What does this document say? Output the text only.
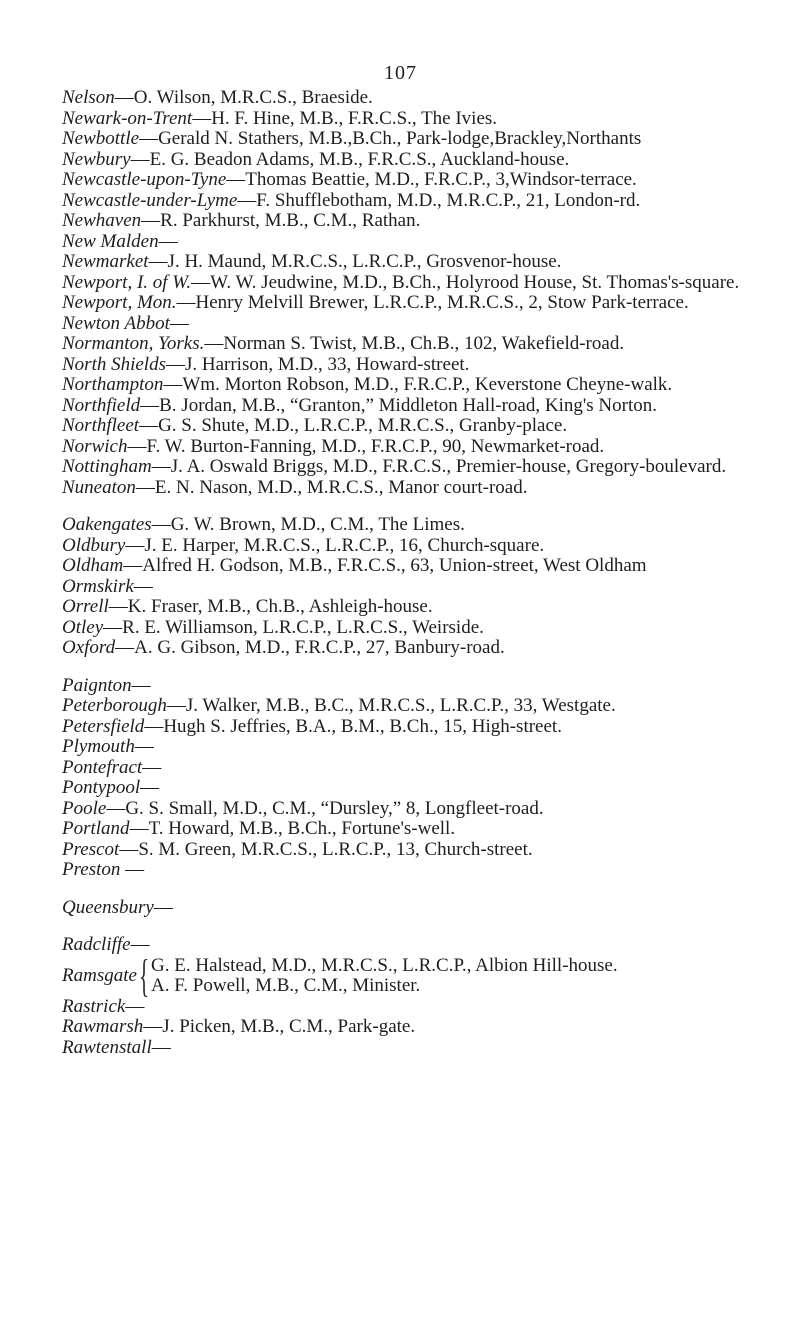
107
Nelson—O. Wilson, M.R.C.S., Braeside.
Newark-on-Trent—H. F. Hine, M.B., F.R.C.S., The Ivies.
Newbottle—Gerald N. Stathers, M.B.,B.Ch., Park-lodge,Brackley,Northants
Newbury—E. G. Beadon Adams, M.B., F.R.C.S., Auckland-house.
Newcastle-upon-Tyne—Thomas Beattie, M.D., F.R.C.P., 3,Windsor-terrace.
Newcastle-under-Lyme—F. Shufflebotham, M.D., M.R.C.P., 21, London-rd.
Newhaven—R. Parkhurst, M.B., C.M., Rathan.
New Malden—
Newmarket—J. H. Maund, M.R.C.S., L.R.C.P., Grosvenor-house.
Newport, I. of W.—W. W. Jeudwine, M.D., B.Ch., Holyrood House, St. Thomas's-square.
Newport, Mon.—Henry Melvill Brewer, L.R.C.P., M.R.C.S., 2, Stow Park-terrace.
Newton Abbot—
Normanton, Yorks.—Norman S. Twist, M.B., Ch.B., 102, Wakefield-road.
North Shields—J. Harrison, M.D., 33, Howard-street.
Northampton—Wm. Morton Robson, M.D., F.R.C.P., Keverstone Cheyne-walk.
Northfield—B. Jordan, M.B., “Granton,” Middleton Hall-road, King's Norton.
Northfleet—G. S. Shute, M.D., L.R.C.P., M.R.C.S., Granby-place.
Norwich—F. W. Burton-Fanning, M.D., F.R.C.P., 90, Newmarket-road.
Nottingham—J. A. Oswald Briggs, M.D., F.R.C.S., Premier-house, Gregory-boulevard.
Nuneaton—E. N. Nason, M.D., M.R.C.S., Manor court-road.
Oakengates—G. W. Brown, M.D., C.M., The Limes.
Oldbury—J. E. Harper, M.R.C.S., L.R.C.P., 16, Church-square.
Oldham—Alfred H. Godson, M.B., F.R.C.S., 63, Union-street, West Oldham
Ormskirk—
Orrell—K. Fraser, M.B., Ch.B., Ashleigh-house.
Otley—R. E. Williamson, L.R.C.P., L.R.C.S., Weirside.
Oxford—A. G. Gibson, M.D., F.R.C.P., 27, Banbury-road.
Paignton—
Peterborough—J. Walker, M.B., B.C., M.R.C.S., L.R.C.P., 33, Westgate.
Petersfield—Hugh S. Jeffries, B.A., B.M., B.Ch., 15, High-street.
Plymouth—
Pontefract—
Pontypool—
Poole—G. S. Small, M.D., C.M., “Dursley,” 8, Longfleet-road.
Portland—T. Howard, M.B., B.Ch., Fortune's-well.
Prescot—S. M. Green, M.R.C.S., L.R.C.P., 13, Church-street.
Preston —
Queensbury—
Radcliffe—
Ramsgate { G. E. Halstead, M.D., M.R.C.S., L.R.C.P., Albion Hill-house.
A. F. Powell, M.B., C.M., Minister.
Rastrick—
Rawmarsh—J. Picken, M.B., C.M., Park-gate.
Rawtenstall—
